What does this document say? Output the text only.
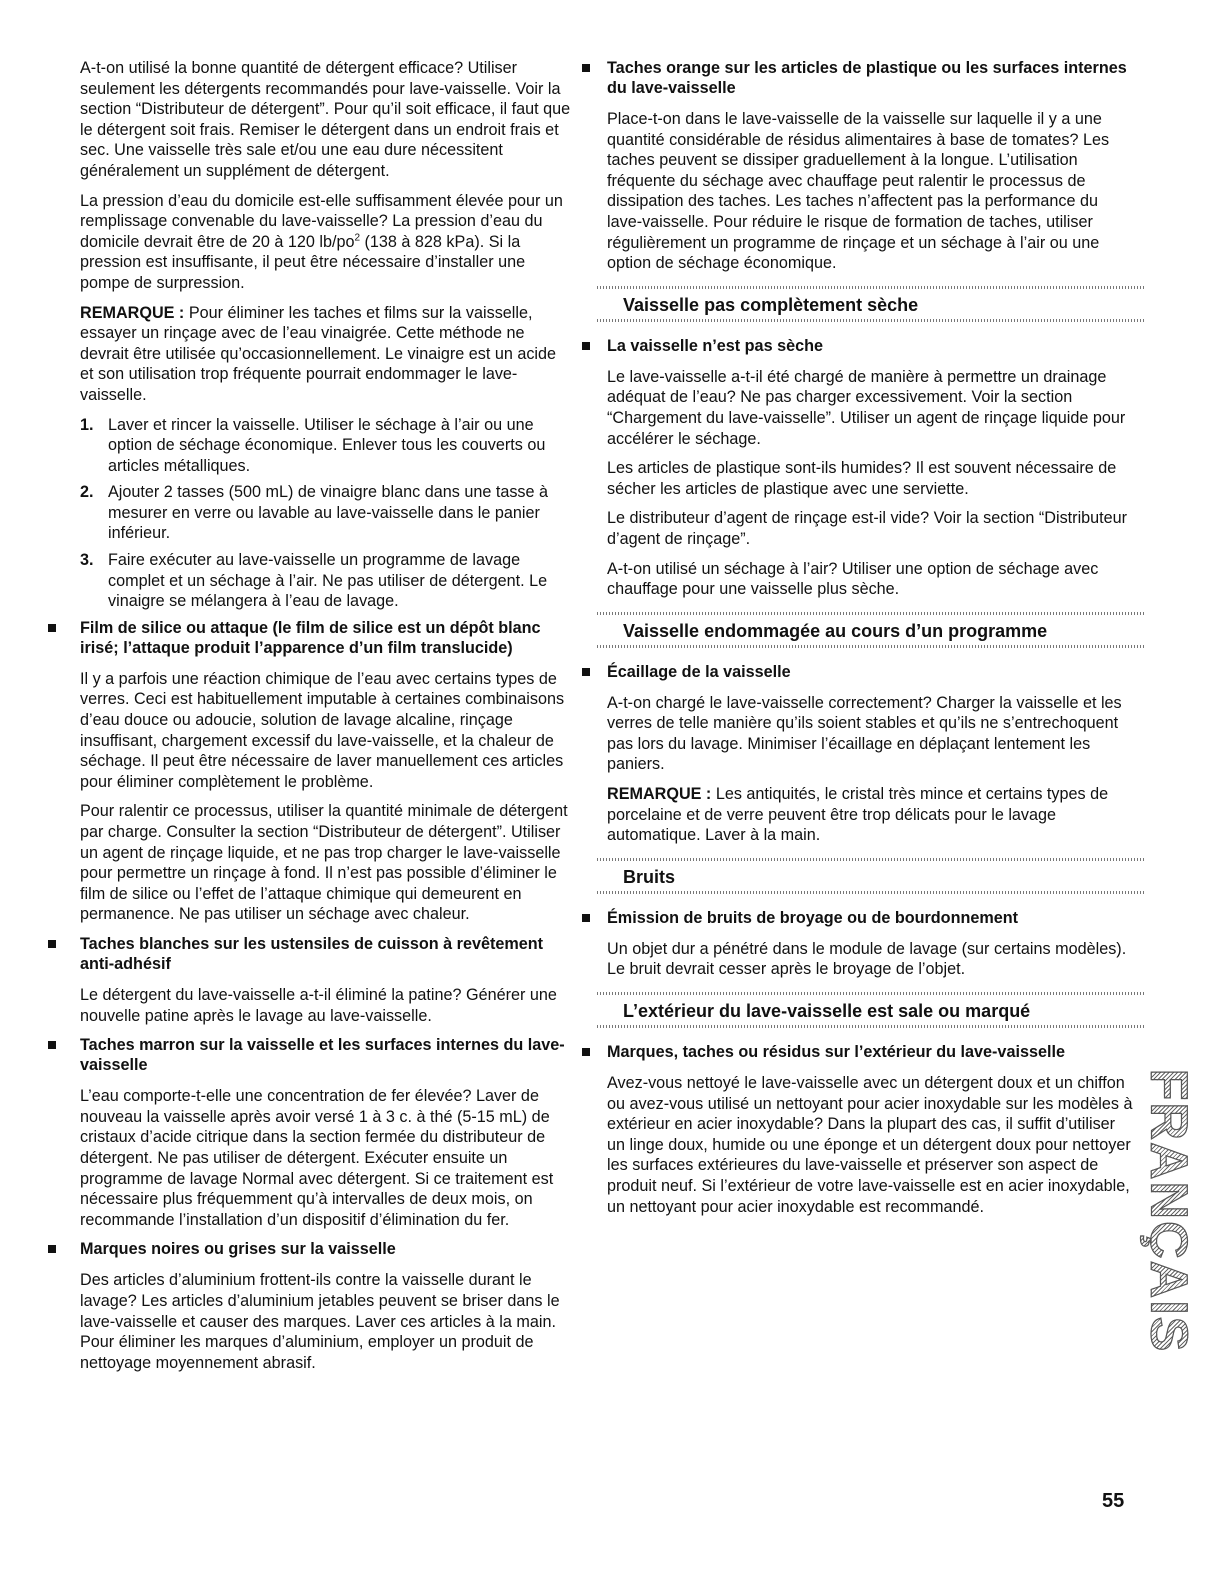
A-t-on utilisé la bonne quantité de détergent efficace? Utiliser seulement les détergents recommandés pour lave-vaisselle. Voir la section “Distributeur de détergent”. Pour qu’il soit efficace, il faut que le détergent soit frais. Remiser le détergent dans un endroit frais et sec. Une vaisselle très sale et/ou une eau dure nécessitent généralement un supplément de détergent.

La pression d’eau du domicile est-elle suffisamment élevée pour un remplissage convenable du lave-vaisselle? La pression d’eau du domicile devrait être de 20 à 120 $lb/po^2$ (138 à 828 kPa). Si la pression est insuffisante, il peut être nécessaire d’installer une pompe de surpression.

REMARQUE : Pour éliminer les taches et films sur la vaisselle, essayer un rinçage avec de l’eau vinaigrée. Cette méthode ne devrait être utilisée qu’occasionnellement. Le vinaigre est un acide et son utilisation trop fréquente pourrait endommager le lave-vaisselle.

1. Laver et rincer la vaisselle. Utiliser le séchage à l’air ou une option de séchage économique. Enlever tous les couverts ou articles métalliques.
2. Ajouter 2 tasses (500 mL) de vinaigre blanc dans une tasse à mesurer en verre ou lavable au lave-vaisselle dans le panier inférieur.
3. Faire exécuter au lave-vaisselle un programme de lavage complet et un séchage à l’air. Ne pas utiliser de détergent. Le vinaigre se mélangera à l’eau de lavage.
Film de silice ou attaque (le film de silice est un dépôt blanc irisé; l’attaque produit l’apparence d’un film translucide)

Il y a parfois une réaction chimique de l’eau avec certains types de verres. Ceci est habituellement imputable à certaines combinaisons d’eau douce ou adoucie, solution de lavage alcaline, rinçage insuffisant, chargement excessif du lave-vaisselle, et la chaleur de séchage. Il peut être nécessaire de laver manuellement ces articles pour éliminer complètement le problème.

Pour ralentir ce processus, utiliser la quantité minimale de détergent par charge. Consulter la section “Distributeur de détergent”. Utiliser un agent de rinçage liquide, et ne pas trop charger le lave-vaisselle pour permettre un rinçage à fond. Il n’est pas possible d’éliminer le film de silice ou l’effet de l’attaque chimique qui demeurent en permanence. Ne pas utiliser un séchage avec chaleur.

Taches blanches sur les ustensiles de cuisson à revêtement anti-adhésif

Le détergent du lave-vaisselle a-t-il éliminé la patine? Générer une nouvelle patine après le lavage au lave-vaisselle.

Taches marron sur la vaisselle et les surfaces internes du lave-vaisselle

L’eau comporte-t-elle une concentration de fer élevée? Laver de nouveau la vaisselle après avoir versé 1 à 3 c. à thé (5-15 mL) de cristaux d’acide citrique dans la section fermée du distributeur de détergent. Ne pas utiliser de détergent. Exécuter ensuite un programme de lavage Normal avec détergent. Si ce traitement est nécessaire plus fréquemment qu’à intervalles de deux mois, on recommande l’installation d’un dispositif d’élimination du fer.

Marques noires ou grises sur la vaisselle

Des articles d’aluminium frottent-ils contre la vaisselle durant le lavage? Les articles d’aluminium jetables peuvent se briser dans le lave-vaisselle et causer des marques. Laver ces articles à la main. Pour éliminer les marques d’aluminium, employer un produit de nettoyage moyennement abrasif.

Taches orange sur les articles de plastique ou les surfaces internes du lave-vaisselle

Place-t-on dans le lave-vaisselle de la vaisselle sur laquelle il y a une quantité considérable de résidus alimentaires à base de tomates? Les taches peuvent se dissiper graduellement à la longue. L’utilisation fréquente du séchage avec chauffage peut ralentir le processus de dissipation des taches. Les taches n’affectent pas la performance du lave-vaisselle. Pour réduire le risque de formation de taches, utiliser régulièrement un programme de rinçage et un séchage à l’air ou une option de séchage économique.

Vaisselle pas complètement sèche
La vaisselle n’est pas sèche

Le lave-vaisselle a-t-il été chargé de manière à permettre un drainage adéquat de l’eau? Ne pas charger excessivement. Voir la section “Chargement du lave-vaisselle”. Utiliser un agent de rinçage liquide pour accélérer le séchage.

Les articles de plastique sont-ils humides? Il est souvent nécessaire de sécher les articles de plastique avec une serviette.

Le distributeur d’agent de rinçage est-il vide? Voir la section “Distributeur d’agent de rinçage”.

A-t-on utilisé un séchage à l’air? Utiliser une option de séchage avec chauffage pour une vaisselle plus sèche.

Vaisselle endommagée au cours d’un programme
Écaillage de la vaisselle

A-t-on chargé le lave-vaisselle correctement? Charger la vaisselle et les verres de telle manière qu’ils soient stables et qu’ils ne s’entrechoquent pas lors du lavage. Minimiser l’écaillage en déplaçant lentement les paniers.

REMARQUE : Les antiquités, le cristal très mince et certains types de porcelaine et de verre peuvent être trop délicats pour le lavage automatique. Laver à la main.

Bruits
Émission de bruits de broyage ou de bourdonnement

Un objet dur a pénétré dans le module de lavage (sur certains modèles). Le bruit devrait cesser après le broyage de l’objet.

L’extérieur du lave-vaisselle est sale ou marqué
Marques, taches ou résidus sur l’extérieur du lave-vaisselle

Avez-vous nettoyé le lave-vaisselle avec un détergent doux et un chiffon ou avez-vous utilisé un nettoyant pour acier inoxydable sur les modèles à extérieur en acier inoxydable? Dans la plupart des cas, il suffit d’utiliser un linge doux, humide ou une éponge et un détergent doux pour nettoyer les surfaces extérieures du lave-vaisselle et préserver son aspect de produit neuf. Si l’extérieur de votre lave-vaisselle est en acier inoxydable, un nettoyant pour acier inoxydable est recommandé.	FRANÇAIS
55
